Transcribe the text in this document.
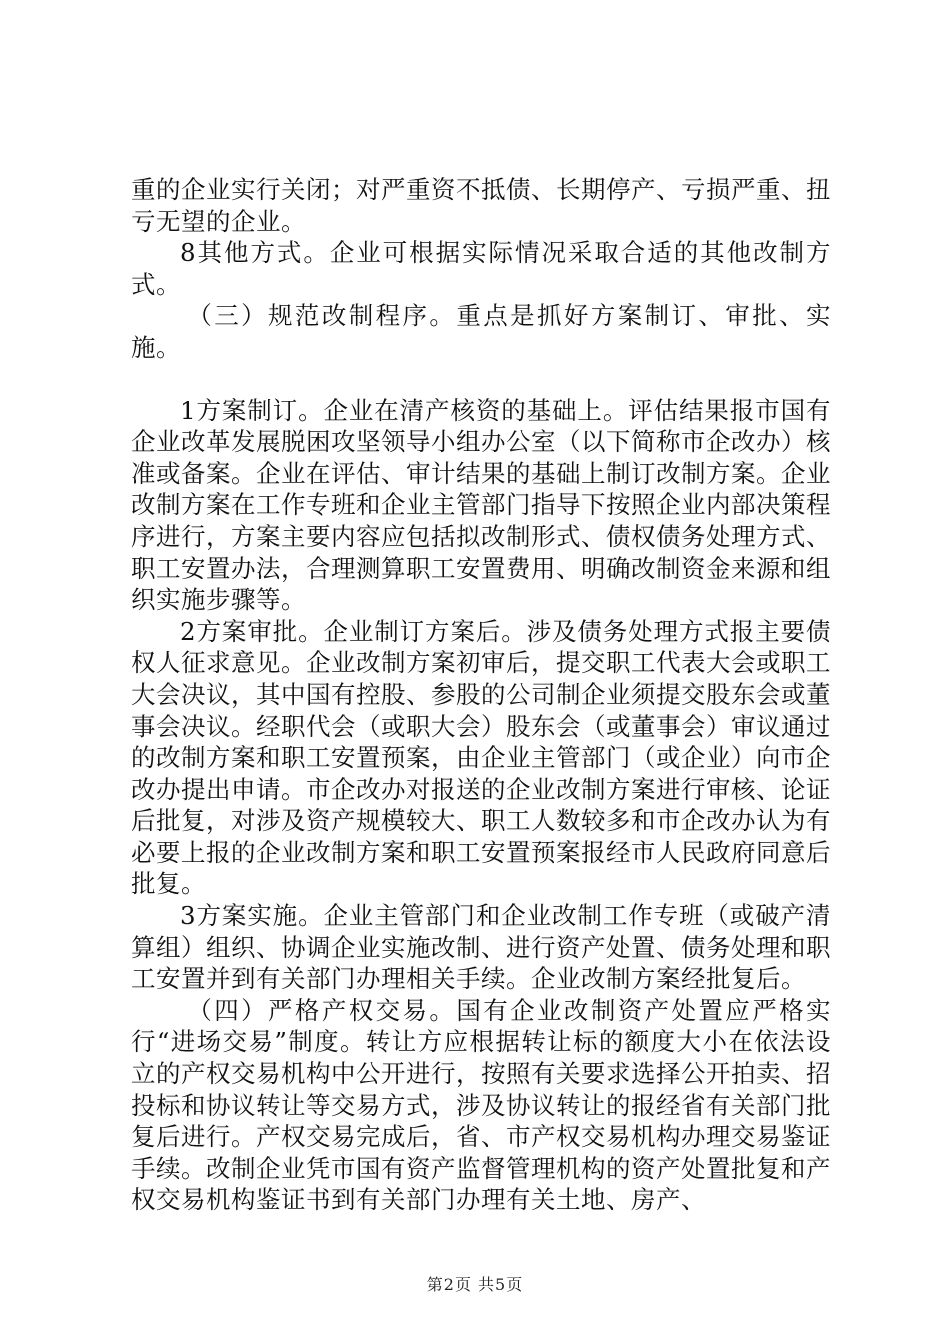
重的企业实行关闭；对严重资不抵债、长期停产、亏损严重、扭亏无望的企业。

8其他方式。企业可根据实际情况采取合适的其他改制方式。

（三）规范改制程序。重点是抓好方案制订、审批、实施。

1方案制订。企业在清产核资的基础上。评估结果报市国有企业改革发展脱困攻坚领导小组办公室（以下简称市企改办）核准或备案。企业在评估、审计结果的基础上制订改制方案。企业改制方案在工作专班和企业主管部门指导下按照企业内部决策程序进行，方案主要内容应包括拟改制形式、债权债务处理方式、职工安置办法，合理测算职工安置费用、明确改制资金来源和组织实施步骤等。

2方案审批。企业制订方案后。涉及债务处理方式报主要债权人征求意见。企业改制方案初审后，提交职工代表大会或职工大会决议，其中国有控股、参股的公司制企业须提交股东会或董事会决议。经职代会（或职大会）股东会（或董事会）审议通过的改制方案和职工安置预案，由企业主管部门（或企业）向市企改办提出申请。市企改办对报送的企业改制方案进行审核、论证后批复，对涉及资产规模较大、职工人数较多和市企改办认为有必要上报的企业改制方案和职工安置预案报经市人民政府同意后批复。

3方案实施。企业主管部门和企业改制工作专班（或破产清算组）组织、协调企业实施改制、进行资产处置、债务处理和职工安置并到有关部门办理相关手续。企业改制方案经批复后。

（四）严格产权交易。国有企业改制资产处置应严格实行“进场交易”制度。转让方应根据转让标的额度大小在依法设立的产权交易机构中公开进行，按照有关要求选择公开拍卖、招投标和协议转让等交易方式，涉及协议转让的报经省有关部门批复后进行。产权交易完成后，省、市产权交易机构办理交易鉴证手续。改制企业凭市国有资产监督管理机构的资产处置批复和产权交易机构鉴证书到有关部门办理有关土地、房产、

第2页 共5页
